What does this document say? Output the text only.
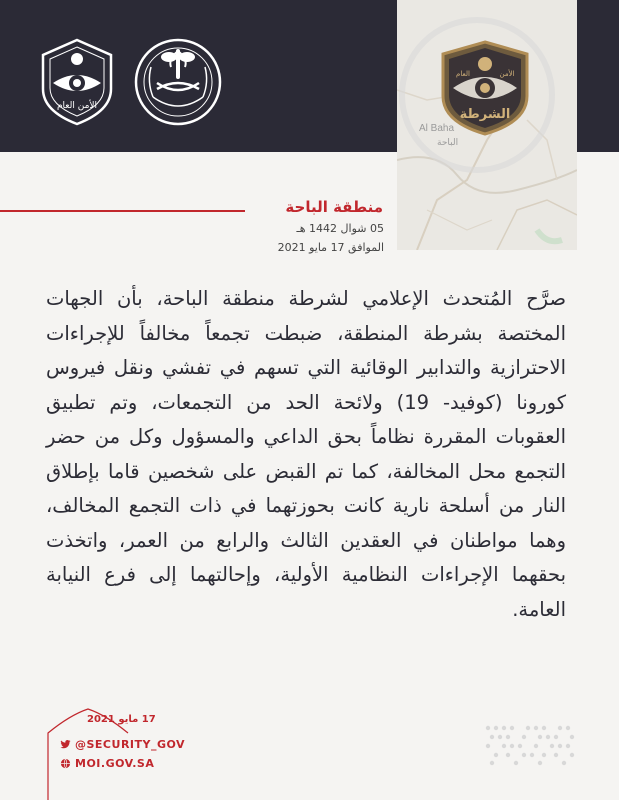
الأمن العام
العام	الأمن
الشرطة
Al Baha
الباحة
منطقة الباحة
05 شوال 1442 هـ
الموافق 17 مايو 2021
صرَّح المُتحدث الإعلامي لشرطة منطقة الباحة، بأن الجهات المختصة بشرطة المنطقة، ضبطت تجمعاً مخالفاً للإجراءات الاحترازية والتدابير الوقائية التي تسهم في تفشي ونقل فيروس كورونا (كوفيد- 19) ولائحة الحد من التجمعات، وتم تطبيق العقوبات المقررة نظاماً بحق الداعي والمسؤول وكل من حضر التجمع محل المخالفة، كما تم القبض على شخصين قاما بإطلاق النار من أسلحة نارية كانت بحوزتهما في ذات التجمع المخالف، وهما مواطنان في العقدين الثالث والرابع من العمر، واتخذت بحقهما الإجراءات النظامية الأولية، وإحالتهما إلى فرع النيابة العامة.
17 مايو 2021
@SECURITY_GOV
MOI.GOV.SA
